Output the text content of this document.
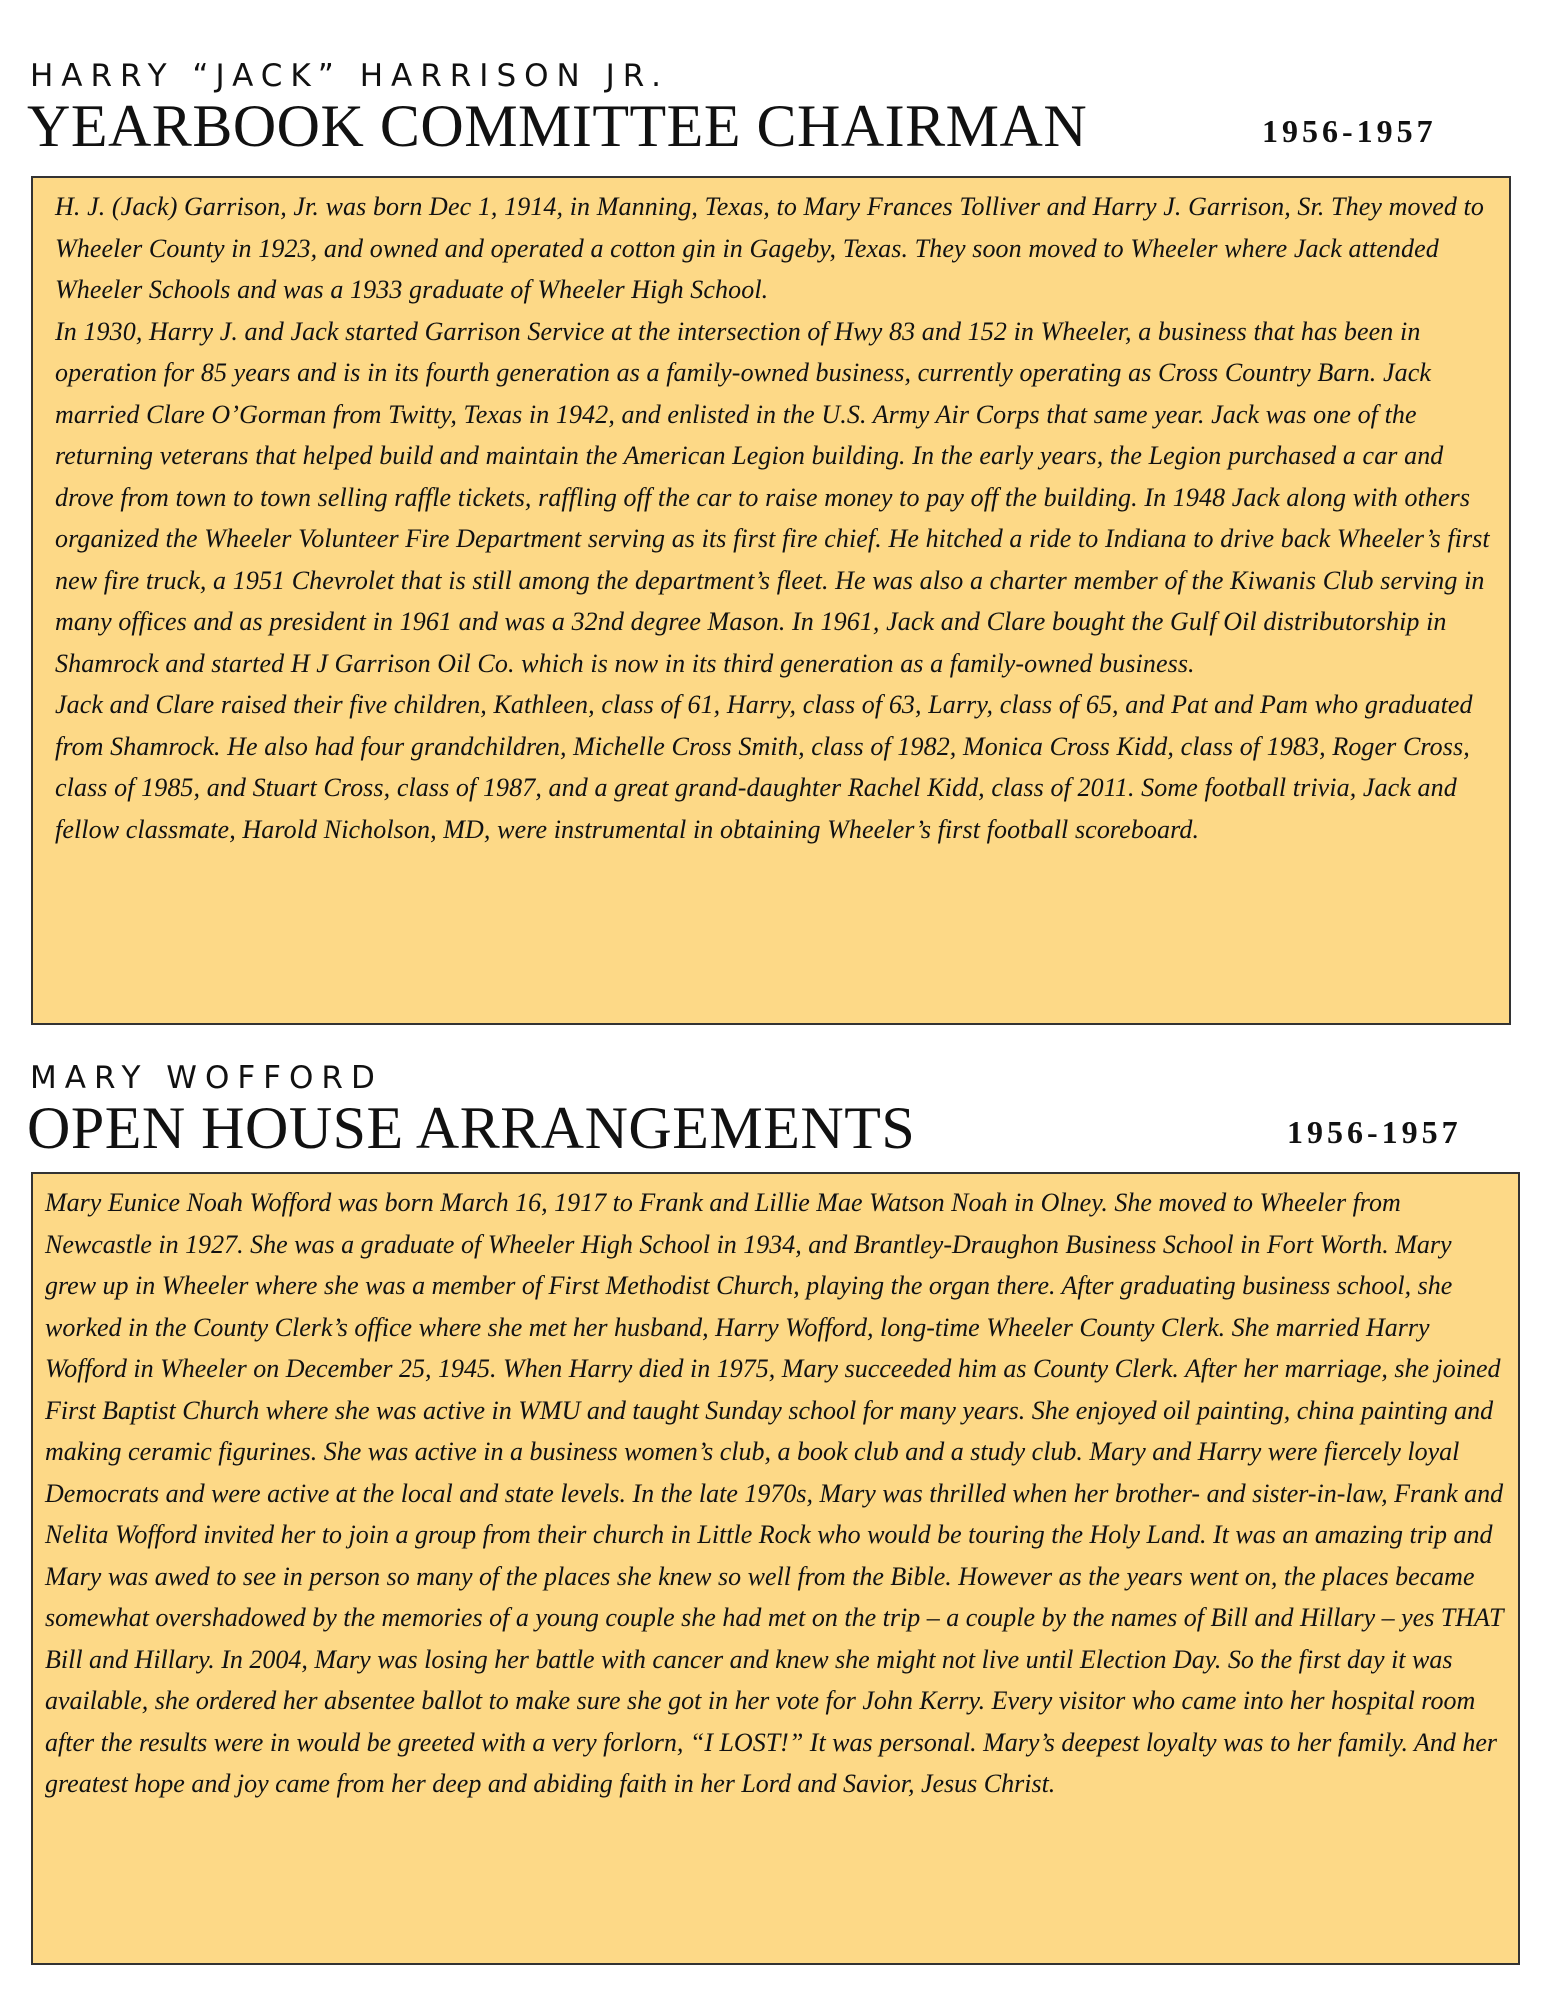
HARRY “JACK” HARRISON JR.
YEARBOOK COMMITTEE CHAIRMAN	1956-1957

H. J. (Jack) Garrison, Jr. was born Dec 1, 1914, in Manning, Texas, to Mary Frances Tolliver and Harry J. Garrison, Sr. They moved to Wheeler County in 1923, and owned and operated a cotton gin in Gageby, Texas. They soon moved to Wheeler where Jack attended Wheeler Schools and was a 1933 graduate of Wheeler High School.

In 1930, Harry J. and Jack started Garrison Service at the intersection of Hwy 83 and 152 in Wheeler, a business that has been in operation for 85 years and is in its fourth generation as a family-owned business, currently operating as Cross Country Barn. Jack married Clare O’Gorman from Twitty, Texas in 1942, and enlisted in the U.S. Army Air Corps that same year. Jack was one of the returning veterans that helped build and maintain the American Legion building. In the early years, the Legion purchased a car and drove from town to town selling raffle tickets, raffling off the car to raise money to pay off the building. In 1948 Jack along with others organized the Wheeler Volunteer Fire Department serving as its first fire chief. He hitched a ride to Indiana to drive back Wheeler’s first new fire truck, a 1951 Chevrolet that is still among the department’s fleet. He was also a charter member of the Kiwanis Club serving in many offices and as president in 1961 and was a 32nd degree Mason. In 1961, Jack and Clare bought the Gulf Oil distributorship in Shamrock and started H J Garrison Oil Co. which is now in its third generation as a family-owned business.

Jack and Clare raised their five children, Kathleen, class of 61, Harry, class of 63, Larry, class of 65, and Pat and Pam who graduated from Shamrock. He also had four grandchildren, Michelle Cross Smith, class of 1982, Monica Cross Kidd, class of 1983, Roger Cross, class of 1985, and Stuart Cross, class of 1987, and a great grand-daughter Rachel Kidd, class of 2011. Some football trivia, Jack and fellow classmate, Harold Nicholson, MD, were instrumental in obtaining Wheeler’s first football scoreboard.

MARY WOFFORD
OPEN HOUSE ARRANGEMENTS	1956-1957

Mary Eunice Noah Wofford was born March 16, 1917 to Frank and Lillie Mae Watson Noah in Olney. She moved to Wheeler from Newcastle in 1927. She was a graduate of Wheeler High School in 1934, and Brantley-Draughon Business School in Fort Worth. Mary grew up in Wheeler where she was a member of First Methodist Church, playing the organ there. After graduating business school, she worked in the County Clerk’s office where she met her husband, Harry Wofford, long-time Wheeler County Clerk. She married Harry Wofford in Wheeler on December 25, 1945. When Harry died in 1975, Mary succeeded him as County Clerk. After her marriage, she joined First Baptist Church where she was active in WMU and taught Sunday school for many years. She enjoyed oil painting, china painting and making ceramic figurines. She was active in a business women’s club, a book club and a study club. Mary and Harry were fiercely loyal Democrats and were active at the local and state levels. In the late 1970s, Mary was thrilled when her brother- and sister-in-law, Frank and Nelita Wofford invited her to join a group from their church in Little Rock who would be touring the Holy Land. It was an amazing trip and Mary was awed to see in person so many of the places she knew so well from the Bible. However as the years went on, the places became somewhat overshadowed by the memories of a young couple she had met on the trip – a couple by the names of Bill and Hillary – yes THAT Bill and Hillary. In 2004, Mary was losing her battle with cancer and knew she might not live until Election Day. So the first day it was available, she ordered her absentee ballot to make sure she got in her vote for John Kerry. Every visitor who came into her hospital room after the results were in would be greeted with a very forlorn, “I LOST!” It was personal. Mary’s deepest loyalty was to her family. And her greatest hope and joy came from her deep and abiding faith in her Lord and Savior, Jesus Christ.
